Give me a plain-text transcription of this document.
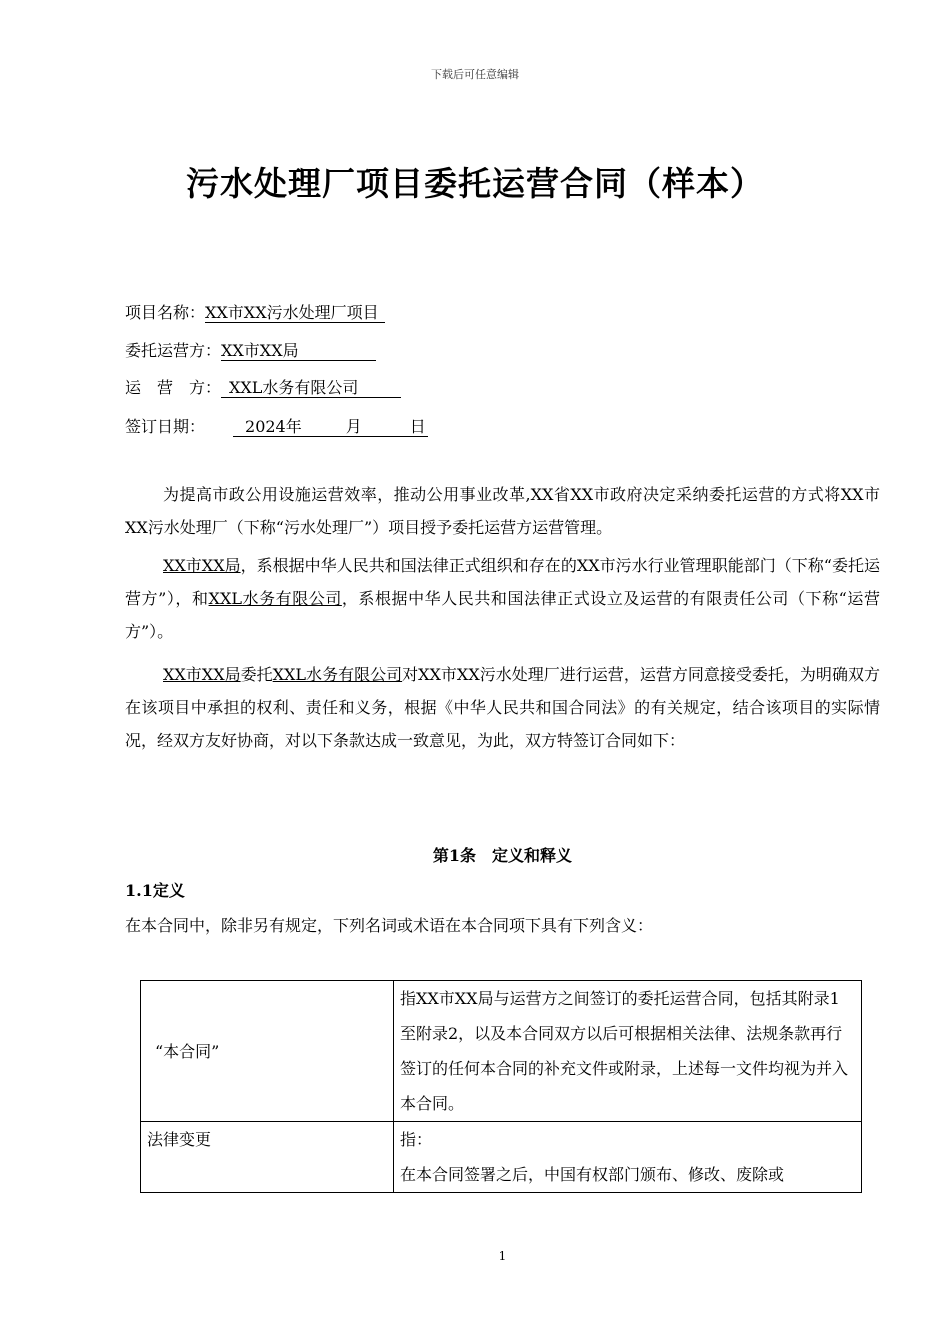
下载后可任意编辑
污水处理厂项目委托运营合同（样本）
项目名称：XX市XX污水处理厂项目
委托运营方：XX市XX局
运　营　方： XXL水务有限公司
签订日期：	2024年	月	日
为提高市政公用设施运营效率，推动公用事业改革,XX省XX市政府决定采纳委托运营的方式将XX市XX污水处理厂（下称“污水处理厂”）项目授予委托运营方运营管理。
XX市XX局，系根据中华人民共和国法律正式组织和存在的XX市污水行业管理职能部门（下称“委托运营方”），和XXL水务有限公司，系根据中华人民共和国法律正式设立及运营的有限责任公司（下称“运营方”）。
XX市XX局委托XXL水务有限公司对XX市XX污水处理厂进行运营，运营方同意接受委托，为明确双方在该项目中承担的权利、责任和义务，根据《中华人民共和国合同法》的有关规定，结合该项目的实际情况，经双方友好协商，对以下条款达成一致意见，为此，双方特签订合同如下：
第1条　定义和释义
1.1定义
在本合同中，除非另有规定，下列名词或术语在本合同项下具有下列含义：
“本合同”	指XX市XX局与运营方之间签订的委托运营合同，包括其附录1至附录2，以及本合同双方以后可根据相关法律、法规条款再行签订的任何本合同的补充文件或附录，上述每一文件均视为并入本合同。
法律变更	指：
在本合同签署之后，中国有权部门颁布、修改、废除或
1
